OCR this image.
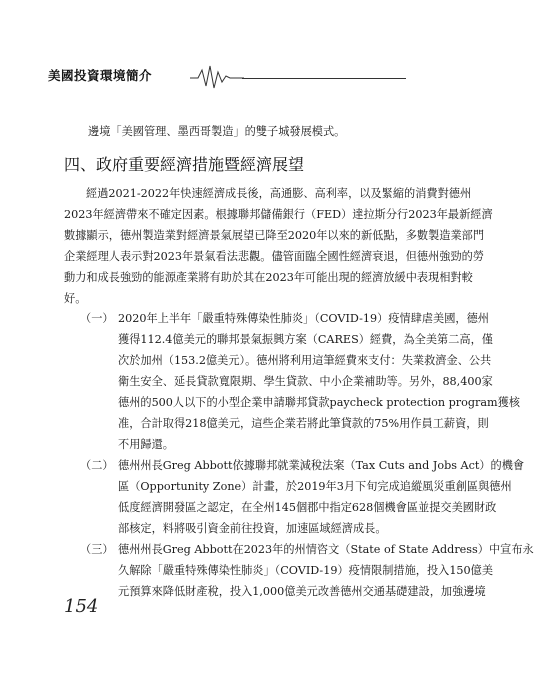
美國投資環境簡介

邊境「美國管理、墨西哥製造」的雙子城發展模式。

四、政府重要經濟措施暨經濟展望
經過2021-2022年快速經濟成長後，高通膨、高利率，以及緊縮的消費對德州
2023年經濟帶來不確定因素。根據聯邦儲備銀行（FED）達拉斯分行2023年最新經濟
數據顯示，德州製造業對經濟景氣展望已降至2020年以來的新低點，多數製造業部門
企業經理人表示對2023年景氣看法悲觀。儘管面臨全國性經濟衰退，但德州強勁的勞
動力和成長強勁的能源產業將有助於其在2023年可能出現的經濟放緩中表現相對較
好。
（一） 2020年上半年「嚴重特殊傳染性肺炎」（COVID-19）疫情肆虐美國，德州
獲得112.4億美元的聯邦景氣振興方案（CARES）經費，為全美第二高，僅
次於加州（153.2億美元）。德州將利用這筆經費來支付：失業救濟金、公共
衛生安全、延長貸款寬限期、學生貸款、中小企業補助等。另外，88,400家
德州的500人以下的小型企業申請聯邦貸款paycheck protection program獲核
准，合計取得218億美元，這些企業若將此筆貸款的75%用作員工薪資，則
不用歸還。
（二） 德州州長Greg Abbott依據聯邦就業減稅法案（Tax Cuts and Jobs Act）的機會
區（Opportunity Zone）計畫，於2019年3月下旬完成追縱風災重創區與德州
低度經濟開發區之認定，在全州145個郡中指定628個機會區並提交美國財政
部核定，料將吸引資金前往投資，加速區域經濟成長。
（三） 德州州長Greg Abbott在2023年的州情咨文（State of State Address）中宣布永
久解除「嚴重特殊傳染性肺炎」（COVID-19）疫情限制措施，投入150億美
元預算來降低財產稅，投入1,000億美元改善德州交通基礎建設，加強邊境
154
